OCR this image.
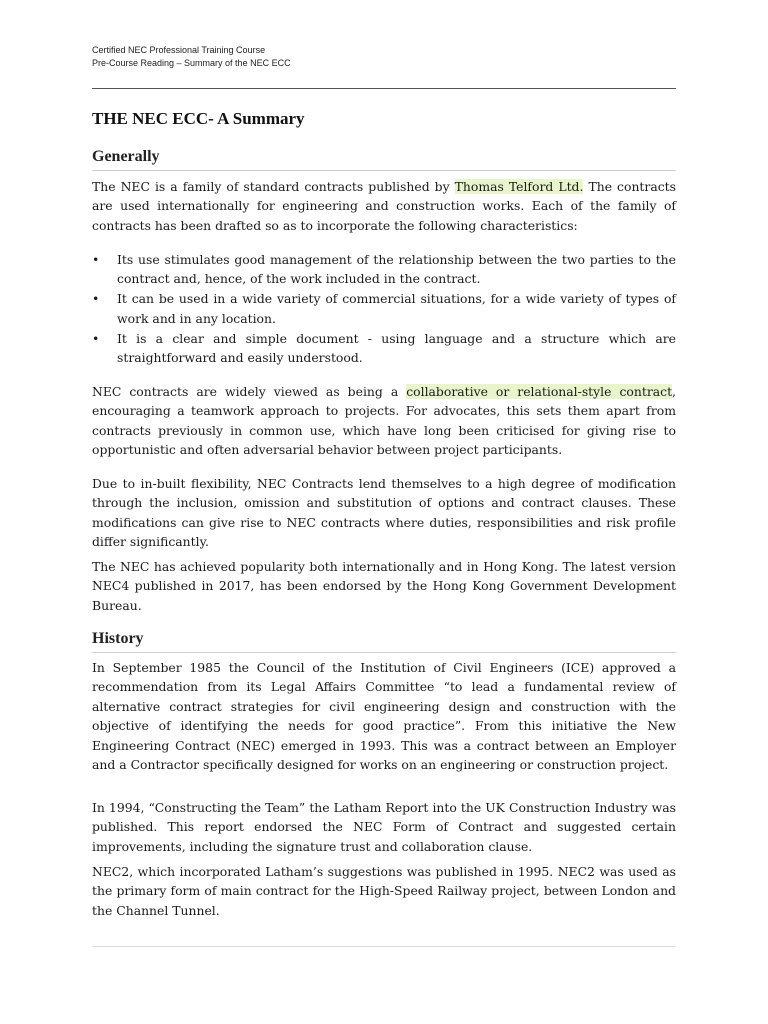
Certified NEC Professional Training Course
Pre-Course Reading – Summary of the NEC ECC
THE NEC ECC- A Summary
Generally
The NEC is a family of standard contracts published by Thomas Telford Ltd. The contracts are used internationally for engineering and construction works. Each of the family of contracts has been drafted so as to incorporate the following characteristics:
• Its use stimulates good management of the relationship between the two parties to the contract and, hence, of the work included in the contract.
• It can be used in a wide variety of commercial situations, for a wide variety of types of work and in any location.
• It is a clear and simple document - using language and a structure which are straightforward and easily understood.
NEC contracts are widely viewed as being a collaborative or relational-style contract, encouraging a teamwork approach to projects. For advocates, this sets them apart from contracts previously in common use, which have long been criticised for giving rise to opportunistic and often adversarial behavior between project participants.
Due to in-built flexibility, NEC Contracts lend themselves to a high degree of modification through the inclusion, omission and substitution of options and contract clauses. These modifications can give rise to NEC contracts where duties, responsibilities and risk profile differ significantly.
The NEC has achieved popularity both internationally and in Hong Kong. The latest version NEC4 published in 2017, has been endorsed by the Hong Kong Government Development Bureau.
History
In September 1985 the Council of the Institution of Civil Engineers (ICE) approved a recommendation from its Legal Affairs Committee “to lead a fundamental review of alternative contract strategies for civil engineering design and construction with the objective of identifying the needs for good practice”. From this initiative the New Engineering Contract (NEC) emerged in 1993. This was a contract between an Employer and a Contractor specifically designed for works on an engineering or construction project.
In 1994, “Constructing the Team” the Latham Report into the UK Construction Industry was published. This report endorsed the NEC Form of Contract and suggested certain improvements, including the signature trust and collaboration clause.
NEC2, which incorporated Latham’s suggestions was published in 1995. NEC2 was used as the primary form of main contract for the High-Speed Railway project, between London and the Channel Tunnel.
